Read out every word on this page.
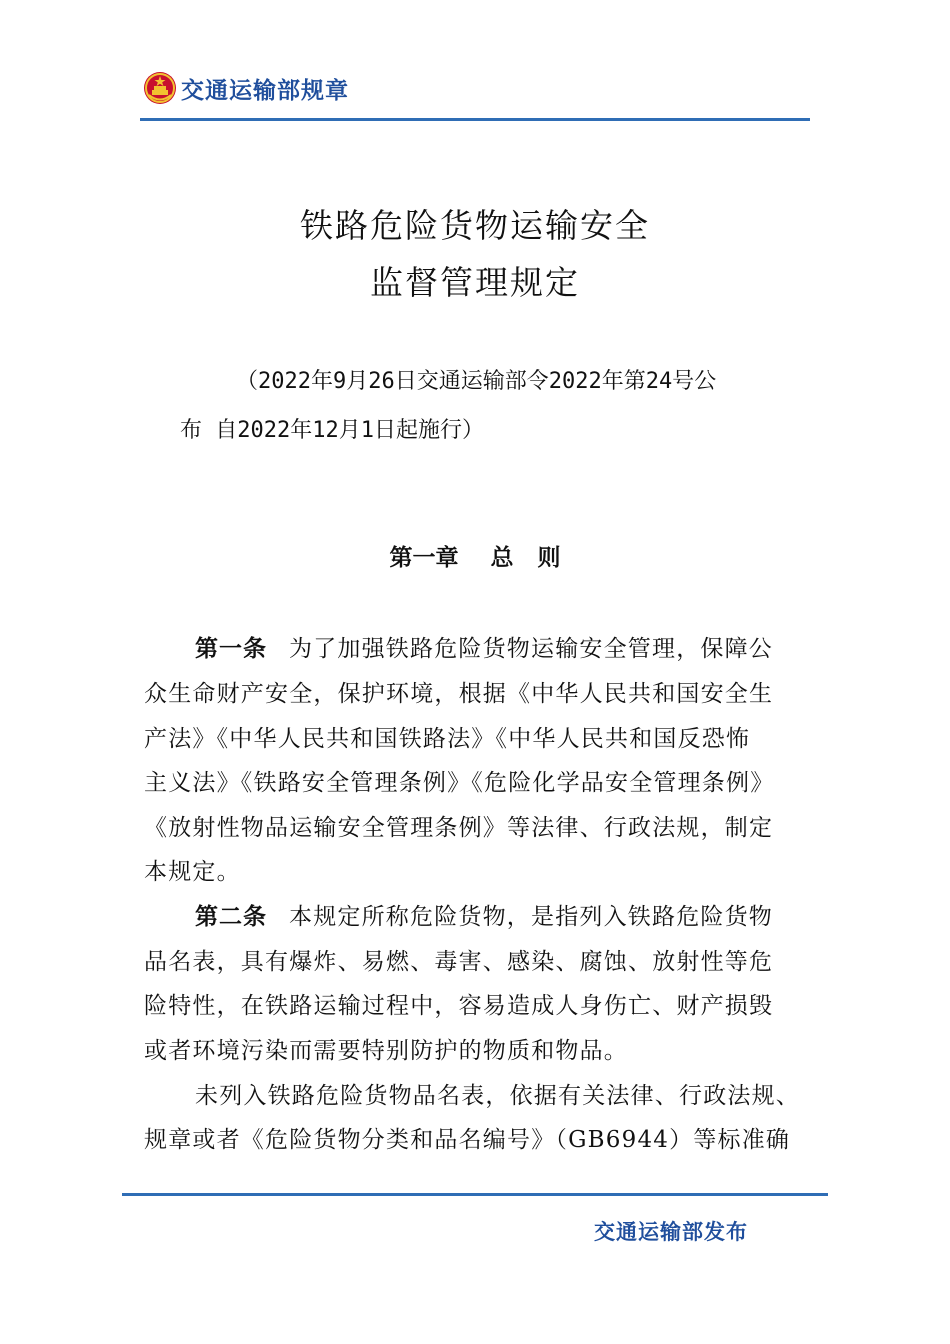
交通运输部规章
铁路危险货物运输安全
监督管理规定
（2022年9月26日交通运输部令2022年第24号公
布 自2022年12月1日起施行）
第一章    总   则
第一条 为了加强铁路危险货物运输安全管理，保障公
众生命财产安全，保护环境，根据《中华人民共和国安全生
产法》《中华人民共和国铁路法》《中华人民共和国反恐怖
主义法》《铁路安全管理条例》《危险化学品安全管理条例》
《放射性物品运输安全管理条例》等法律、行政法规，制定
本规定。
第二条 本规定所称危险货物，是指列入铁路危险货物
品名表，具有爆炸、易燃、毒害、感染、腐蚀、放射性等危
险特性，在铁路运输过程中，容易造成人身伤亡、财产损毁
或者环境污染而需要特别防护的物质和物品。
未列入铁路危险货物品名表，依据有关法律、行政法规、
规章或者《危险货物分类和品名编号》（GB6944）等标准确
交通运输部发布
